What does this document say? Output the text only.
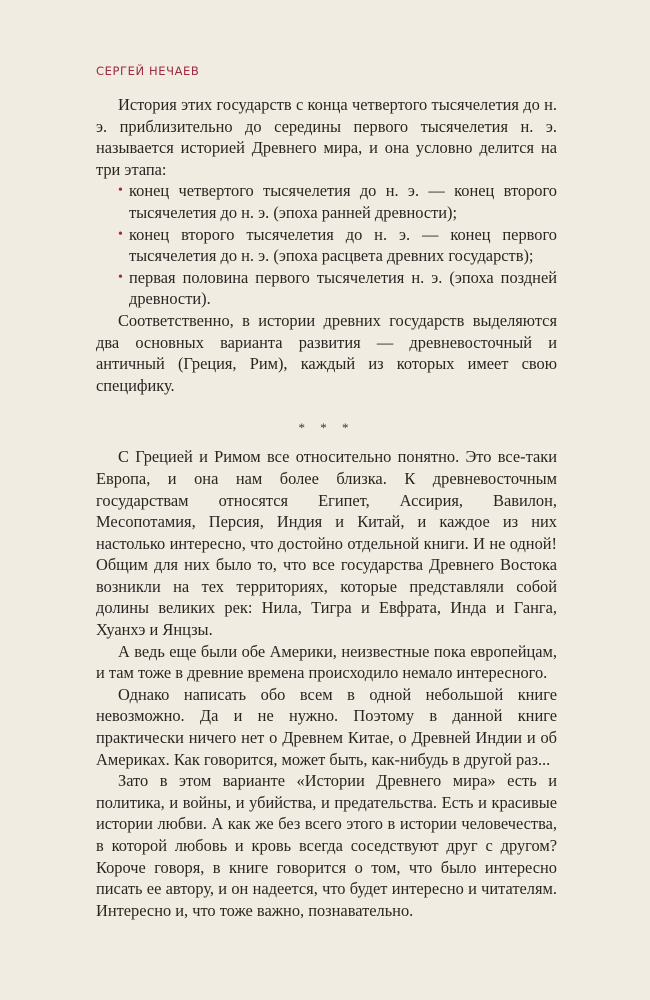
СЕРГЕЙ НЕЧАЕВ

История этих государств с конца четвертого тысячелетия до н. э. приблизительно до середины первого тысячелетия н. э. называется историей Древнего мира, и она условно делится на три этапа:

• конец четвертого тысячелетия до н. э. — конец второго тысячелетия до н. э. (эпоха ранней древности);
• конец второго тысячелетия до н. э. — конец первого тысячелетия до н. э. (эпоха расцвета древних государств);
• первая половина первого тысячелетия н. э. (эпоха поздней древности).

Соответственно, в истории древних государств выделяются два основных варианта развития — древневосточный и античный (Греция, Рим), каждый из которых имеет свою специфику.

* * *

С Грецией и Римом все относительно понятно. Это все-таки Европа, и она нам более близка. К древневосточным государствам относятся Египет, Ассирия, Вавилон, Месопотамия, Персия, Индия и Китай, и каждое из них настолько интересно, что достойно отдельной книги. И не одной! Общим для них было то, что все государства Древнего Востока возникли на тех территориях, которые представляли собой долины великих рек: Нила, Тигра и Евфрата, Инда и Ганга, Хуанхэ и Янцзы.

А ведь еще были обе Америки, неизвестные пока европейцам, и там тоже в древние времена происходило немало интересного.

Однако написать обо всем в одной небольшой книге невозможно. Да и не нужно. Поэтому в данной книге практически ничего нет о Древнем Китае, о Древней Индии и об Америках. Как говорится, может быть, как-нибудь в другой раз...

Зато в этом варианте «Истории Древнего мира» есть и политика, и войны, и убийства, и предательства. Есть и красивые истории любви. А как же без всего этого в истории человечества, в которой любовь и кровь всегда соседствуют друг с другом? Короче говоря, в книге говорится о том, что было интересно писать ее автору, и он надеется, что будет интересно и читателям. Интересно и, что тоже важно, познавательно.
